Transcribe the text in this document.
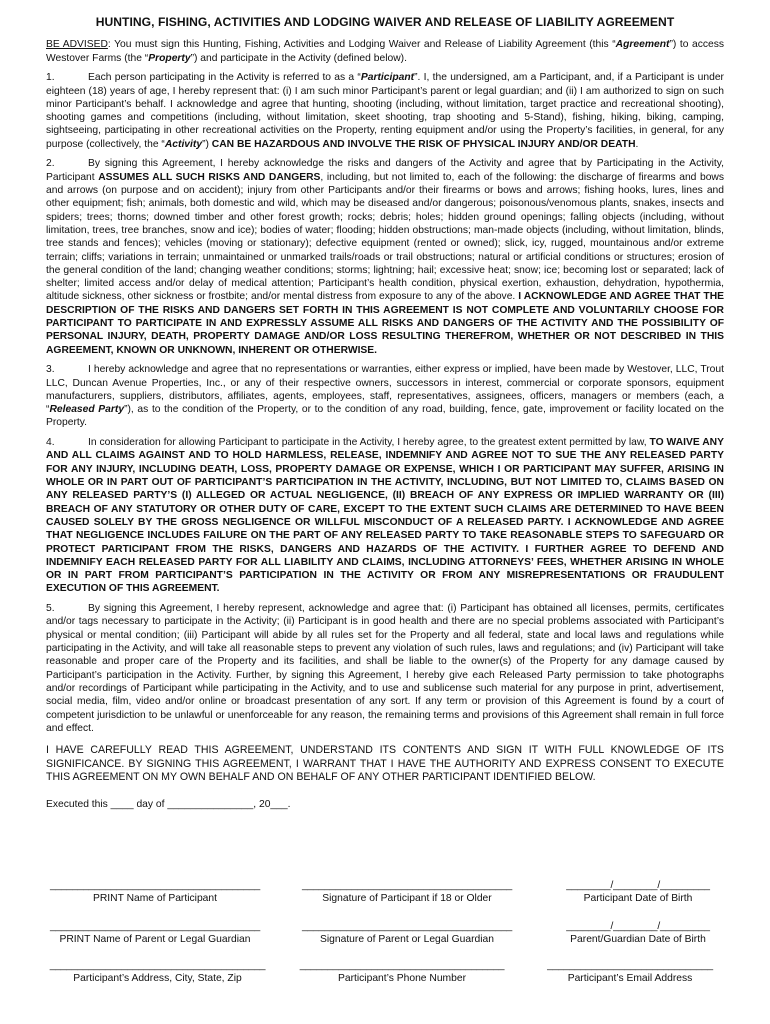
HUNTING, FISHING, ACTIVITIES AND LODGING WAIVER AND RELEASE OF LIABILITY AGREEMENT

BE ADVISED: You must sign this Hunting, Fishing, Activities and Lodging Waiver and Release of Liability Agreement (this “Agreement”) to access Westover Farms (the “Property”) and participate in the Activity (defined below).

1.	Each person participating in the Activity is referred to as a “Participant”. I, the undersigned, am a Participant, and, if a Participant is under eighteen (18) years of age, I hereby represent that: (i) I am such minor Participant’s parent or legal guardian; and (ii) I am authorized to sign on such minor Participant’s behalf. I acknowledge and agree that hunting, shooting (including, without limitation, target practice and recreational shooting), shooting games and competitions (including, without limitation, skeet shooting, trap shooting and 5-Stand), fishing, hiking, biking, camping, sightseeing, participating in other recreational activities on the Property, renting equipment and/or using the Property’s facilities, in general, for any purpose (collectively, the “Activity”) CAN BE HAZARDOUS AND INVOLVE THE RISK OF PHYSICAL INJURY AND/OR DEATH.

2.	By signing this Agreement, I hereby acknowledge the risks and dangers of the Activity and agree that by Participating in the Activity, Participant ASSUMES ALL SUCH RISKS AND DANGERS, including, but not limited to, each of the following: the discharge of firearms and bows and arrows (on purpose and on accident); injury from other Participants and/or their firearms or bows and arrows; fishing hooks, lures, lines and other equipment; fish; animals, both domestic and wild, which may be diseased and/or dangerous; poisonous/venomous plants, snakes, insects and spiders; trees; thorns; downed timber and other forest growth; rocks; debris; holes; hidden ground openings; falling objects (including, without limitation, trees, tree branches, snow and ice); bodies of water; flooding; hidden obstructions; man-made objects (including, without limitation, blinds, tree stands and fences); vehicles (moving or stationary); defective equipment (rented or owned); slick, icy, rugged, mountainous and/or extreme terrain; cliffs; variations in terrain; unmaintained or unmarked trails/roads or trail obstructions; natural or artificial conditions or structures; erosion of the general condition of the land; changing weather conditions; storms; lightning; hail; excessive heat; snow; ice; becoming lost or separated; lack of shelter; limited access and/or delay of medical attention; Participant’s health condition, physical exertion, exhaustion, dehydration, hypothermia, altitude sickness, other sickness or frostbite; and/or mental distress from exposure to any of the above. I ACKNOWLEDGE AND AGREE THAT THE DESCRIPTION OF THE RISKS AND DANGERS SET FORTH IN THIS AGREEMENT IS NOT COMPLETE AND VOLUNTARILY CHOOSE FOR PARTICIPANT TO PARTICIPATE IN AND EXPRESSLY ASSUME ALL RISKS AND DANGERS OF THE ACTIVITY AND THE POSSIBILITY OF PERSONAL INJURY, DEATH, PROPERTY DAMAGE AND/OR LOSS RESULTING THEREFROM, WHETHER OR NOT DESCRIBED IN THIS AGREEMENT, KNOWN OR UNKNOWN, INHERENT OR OTHERWISE.

3.	I hereby acknowledge and agree that no representations or warranties, either express or implied, have been made by Westover, LLC, Trout LLC, Duncan Avenue Properties, Inc., or any of their respective owners, successors in interest, commercial or corporate sponsors, equipment manufacturers, suppliers, distributors, affiliates, agents, employees, staff, representatives, assignees, officers, managers or members (each, a “Released Party”), as to the condition of the Property, or to the condition of any road, building, fence, gate, improvement or facility located on the Property.

4.	In consideration for allowing Participant to participate in the Activity, I hereby agree, to the greatest extent permitted by law, TO WAIVE ANY AND ALL CLAIMS AGAINST AND TO HOLD HARMLESS, RELEASE, INDEMNIFY AND AGREE NOT TO SUE THE ANY RELEASED PARTY FOR ANY INJURY, INCLUDING DEATH, LOSS, PROPERTY DAMAGE OR EXPENSE, WHICH I OR PARTICIPANT MAY SUFFER, ARISING IN WHOLE OR IN PART OUT OF PARTICIPANT’S PARTICIPATION IN THE ACTIVITY, INCLUDING, BUT NOT LIMITED TO, CLAIMS BASED ON ANY RELEASED PARTY’S (I) ALLEGED OR ACTUAL NEGLIGENCE, (II) BREACH OF ANY EXPRESS OR IMPLIED WARRANTY OR (III) BREACH OF ANY STATUTORY OR OTHER DUTY OF CARE, EXCEPT TO THE EXTENT SUCH CLAIMS ARE DETERMINED TO HAVE BEEN CAUSED SOLELY BY THE GROSS NEGLIGENCE OR WILLFUL MISCONDUCT OF A RELEASED PARTY. I ACKNOWLEDGE AND AGREE THAT NEGLIGENCE INCLUDES FAILURE ON THE PART OF ANY RELEASED PARTY TO TAKE REASONABLE STEPS TO SAFEGUARD OR PROTECT PARTICIPANT FROM THE RISKS, DANGERS AND HAZARDS OF THE ACTIVITY. I FURTHER AGREE TO DEFEND AND INDEMNIFY EACH RELEASED PARTY FOR ALL LIABILITY AND CLAIMS, INCLUDING ATTORNEYS’ FEES, WHETHER ARISING IN WHOLE OR IN PART FROM PARTICIPANT’S PARTICIPATION IN THE ACTIVITY OR FROM ANY MISREPRESENTATIONS OR FRAUDULENT EXECUTION OF THIS AGREEMENT.

5.	By signing this Agreement, I hereby represent, acknowledge and agree that: (i) Participant has obtained all licenses, permits, certificates and/or tags necessary to participate in the Activity; (ii) Participant is in good health and there are no special problems associated with Participant’s physical or mental condition; (iii) Participant will abide by all rules set for the Property and all federal, state and local laws and regulations while participating in the Activity, and will take all reasonable steps to prevent any violation of such rules, laws and regulations; and (iv) Participant will take reasonable and proper care of the Property and its facilities, and shall be liable to the owner(s) of the Property for any damage caused by Participant’s participation in the Activity. Further, by signing this Agreement, I hereby give each Released Party permission to take photographs and/or recordings of Participant while participating in the Activity, and to use and sublicense such material for any purpose in print, advertisement, social media, film, video and/or online or broadcast presentation of any sort. If any term or provision of this Agreement is found by a court of competent jurisdiction to be unlawful or unenforceable for any reason, the remaining terms and provisions of this Agreement shall remain in full force and effect.

I HAVE CAREFULLY READ THIS AGREEMENT, UNDERSTAND ITS CONTENTS AND SIGN IT WITH FULL KNOWLEDGE OF ITS SIGNIFICANCE. BY SIGNING THIS AGREEMENT, I WARRANT THAT I HAVE THE AUTHORITY AND EXPRESS CONSENT TO EXECUTE THIS AGREEMENT ON MY OWN BEHALF AND ON BEHALF OF ANY OTHER PARTICIPANT IDENTIFIED BELOW.

Executed this ____ day of _______________, 20___.
______________________________________
PRINT Name of Participant
______________________________________
Signature of Participant if 18 or Older
________/________/_________
Participant Date of Birth
______________________________________
PRINT Name of Parent or Legal Guardian
______________________________________
Signature of Parent or Legal Guardian
________/________/_________
Parent/Guardian Date of Birth
_______________________________________
Participant’s Address, City, State, Zip
_____________________________________
Participant’s Phone Number
______________________________
Participant’s Email Address
